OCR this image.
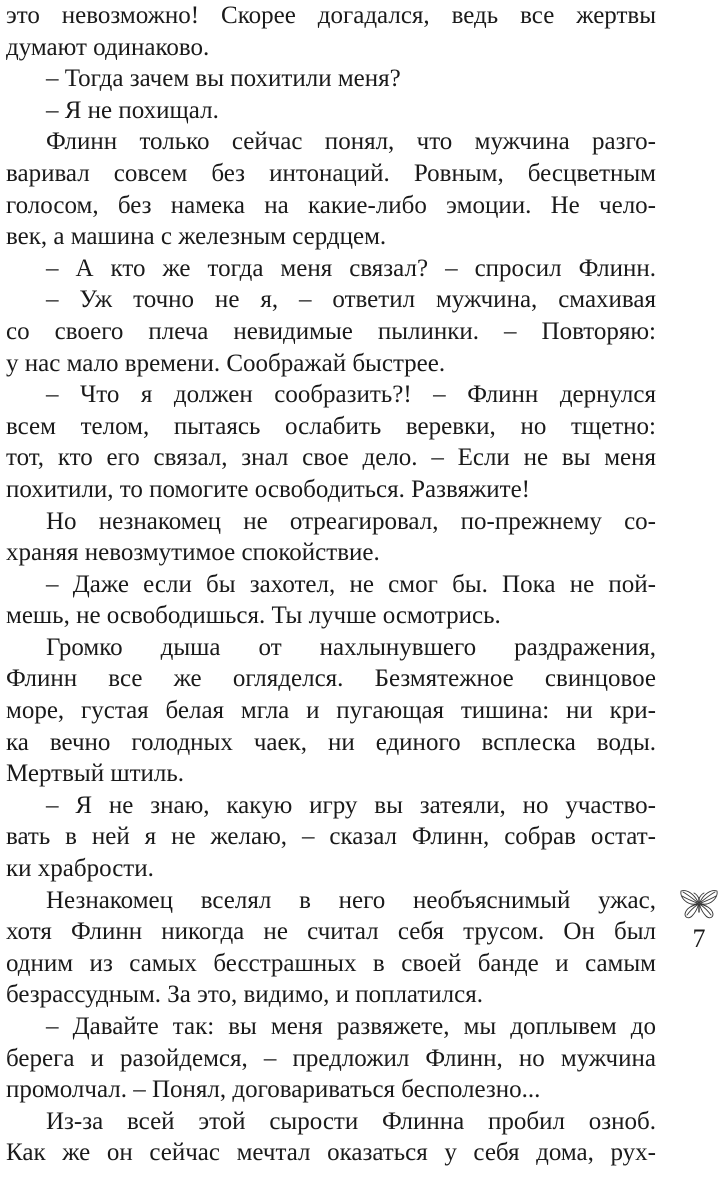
это невозможно! Скорее догадался, ведь все жертвы
думают одинаково.
– Тогда зачем вы похитили меня?
– Я не похищал.
Флинн только сейчас понял, что мужчина разго-
варивал совсем без интонаций. Ровным, бесцветным
голосом, без намека на какие-либо эмоции. Не чело-
век, а машина с железным сердцем.
– А кто же тогда меня связал? – спросил Флинн.
– Уж точно не я, – ответил мужчина, смахивая
со своего плеча невидимые пылинки. – Повторяю:
у нас мало времени. Соображай быстрее.
– Что я должен сообразить?! – Флинн дернулся
всем телом, пытаясь ослабить веревки, но тщетно:
тот, кто его связал, знал свое дело. – Если не вы меня
похитили, то помогите освободиться. Развяжите!
Но незнакомец не отреагировал, по-прежнему со-
храняя невозмутимое спокойствие.
– Даже если бы захотел, не смог бы. Пока не пой-
мешь, не освободишься. Ты лучше осмотрись.
Громко дыша от нахлынувшего раздражения,
Флинн все же огляделся. Безмятежное свинцовое
море, густая белая мгла и пугающая тишина: ни кри-
ка вечно голодных чаек, ни единого всплеска воды.
Мертвый штиль.
– Я не знаю, какую игру вы затеяли, но участво-
вать в ней я не желаю, – сказал Флинн, собрав остат-
ки храбрости.
Незнакомец вселял в него необъяснимый ужас,
хотя Флинн никогда не считал себя трусом. Он был
одним из самых бесстрашных в своей банде и самым
безрассудным. За это, видимо, и поплатился.
– Давайте так: вы меня развяжете, мы доплывем до
берега и разойдемся, – предложил Флинн, но мужчина
промолчал. – Понял, договариваться бесполезно...
Из-за всей этой сырости Флинна пробил озноб.
Как же он сейчас мечтал оказаться у себя дома, рух-
7
